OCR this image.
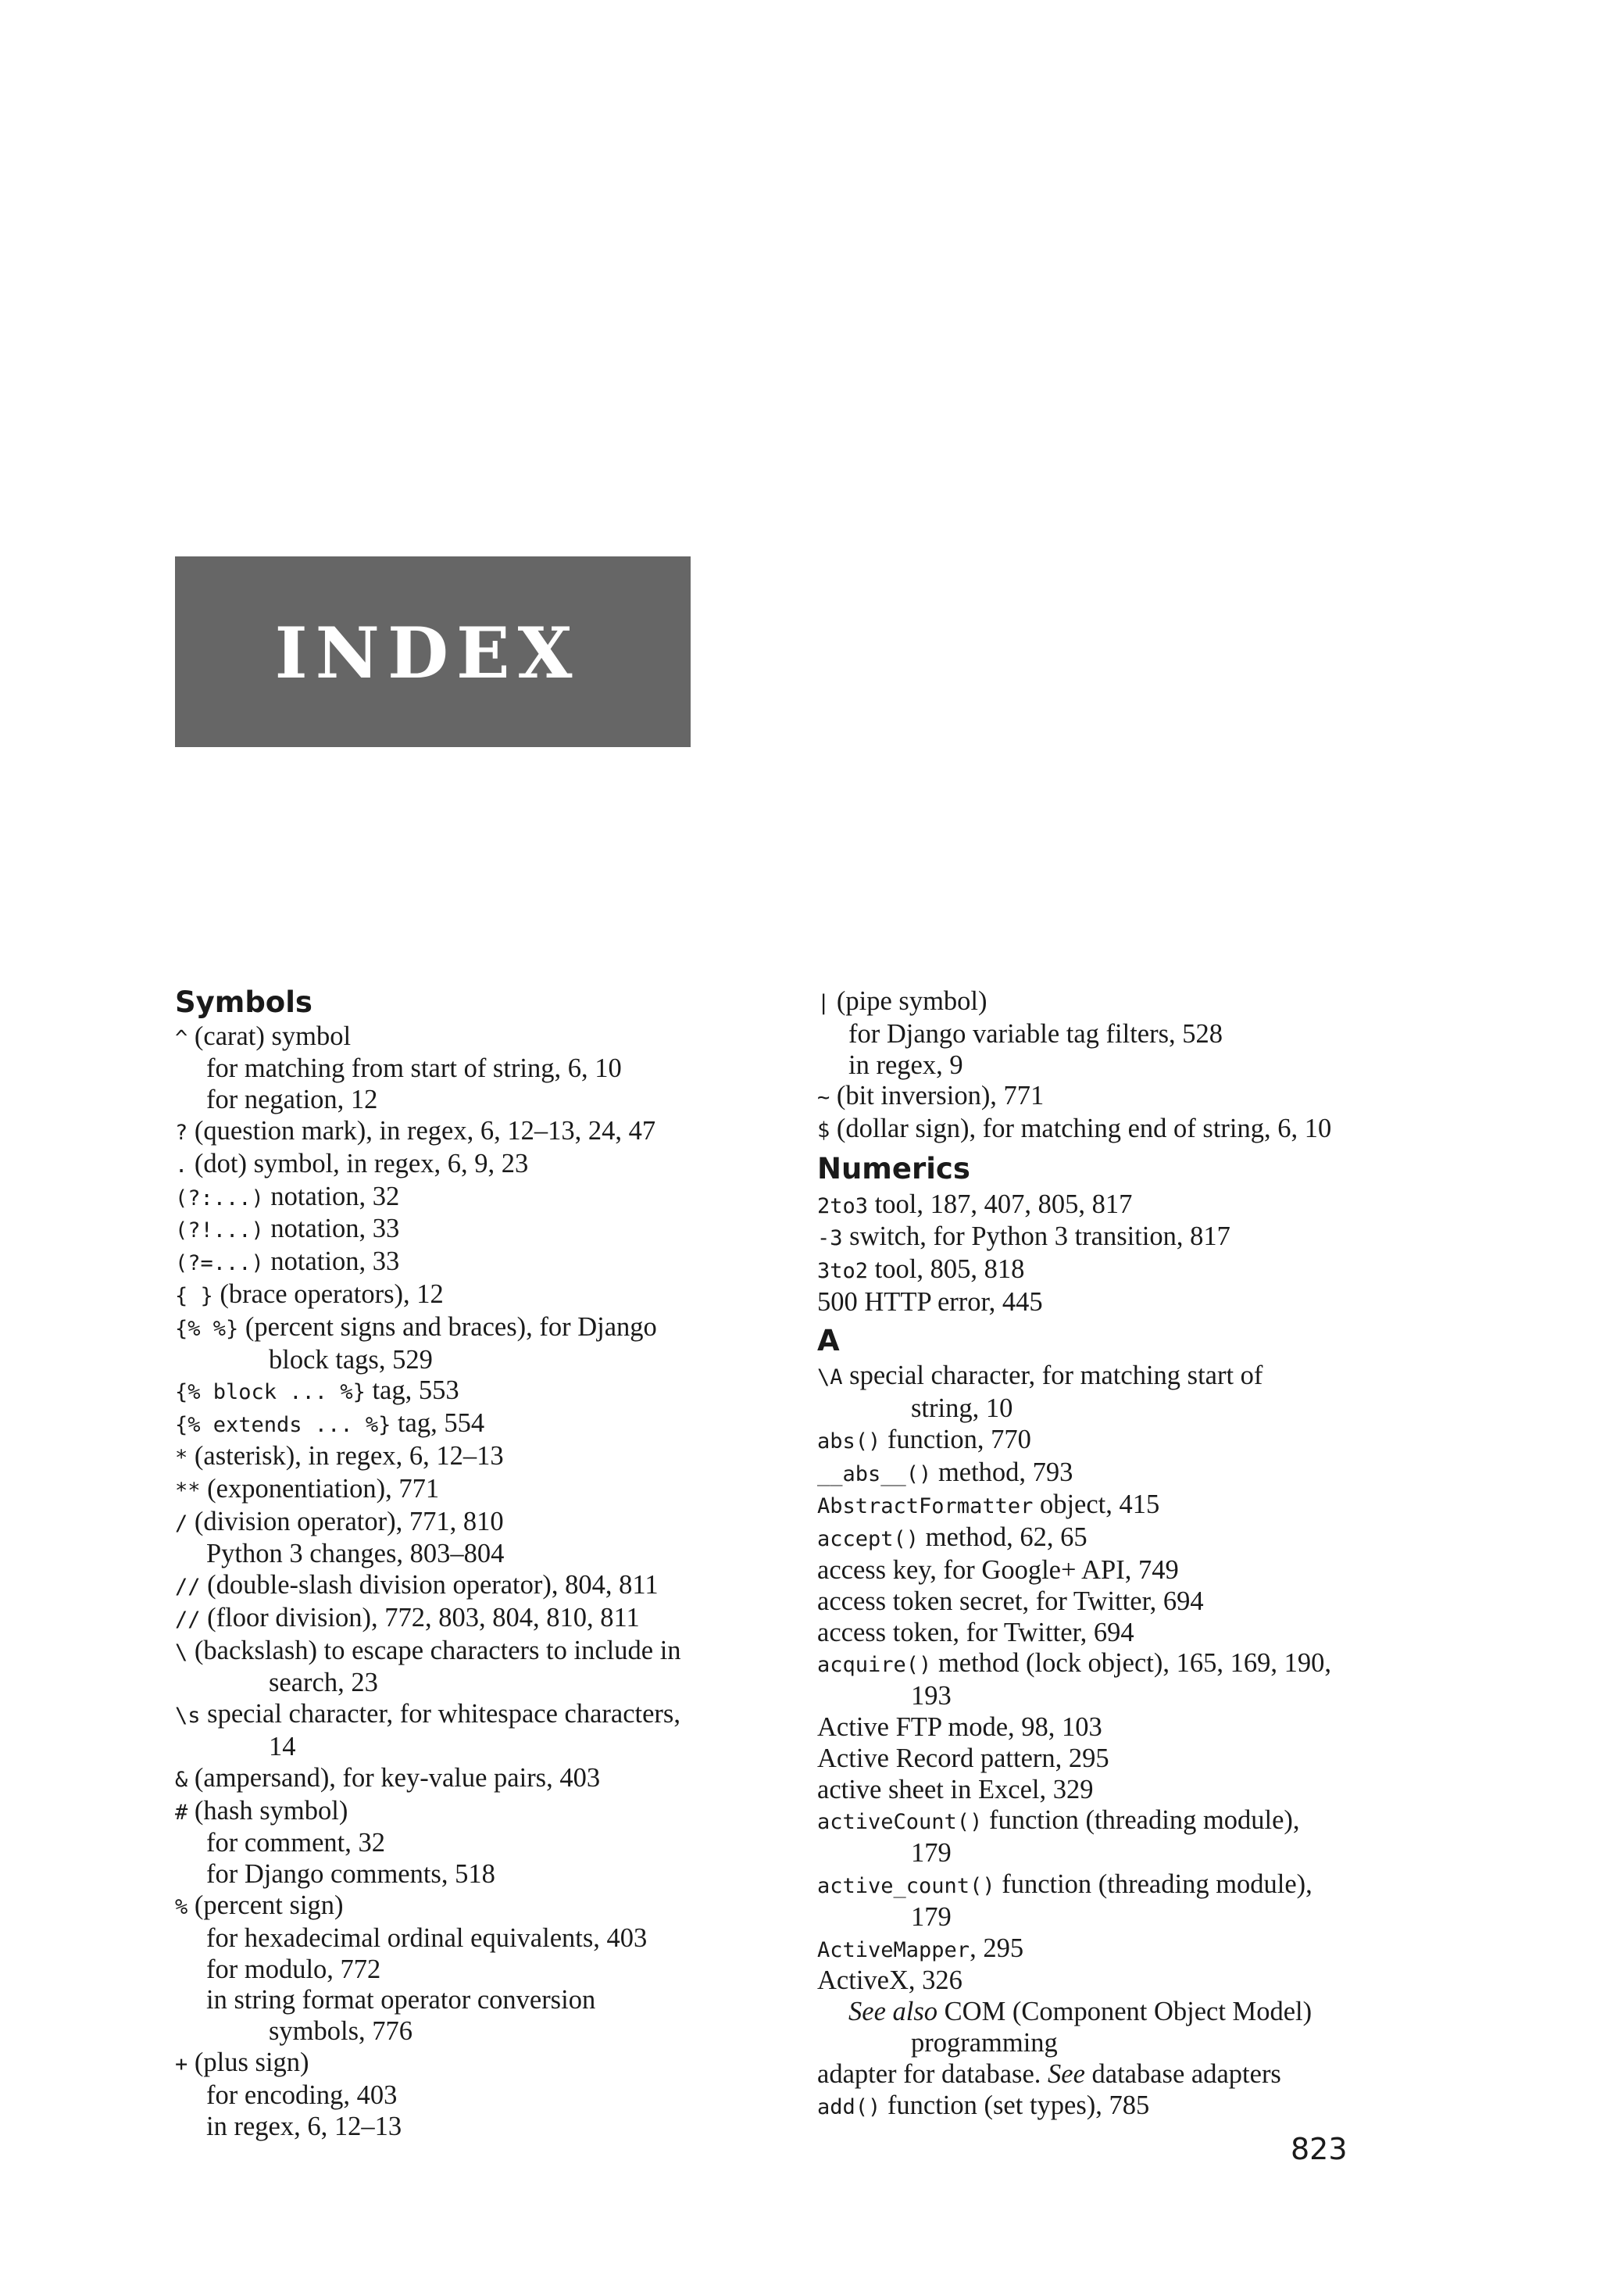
INDEX
Symbols
^ (carat) symbol
for matching from start of string, 6, 10
for negation, 12
? (question mark), in regex, 6, 12–13, 24, 47
. (dot) symbol, in regex, 6, 9, 23
(?:...) notation, 32
(?!...) notation, 33
(?=...) notation, 33
{ } (brace operators), 12
{% %} (percent signs and braces), for Django
block tags, 529
{% block ... %} tag, 553
{% extends ... %} tag, 554
* (asterisk), in regex, 6, 12–13
** (exponentiation), 771
/ (division operator), 771, 810
Python 3 changes, 803–804
// (double-slash division operator), 804, 811
// (floor division), 772, 803, 804, 810, 811
\ (backslash) to escape characters to include in
search, 23
\s special character, for whitespace characters,
14
& (ampersand), for key-value pairs, 403
# (hash symbol)
for comment, 32
for Django comments, 518
% (percent sign)
for hexadecimal ordinal equivalents, 403
for modulo, 772
in string format operator conversion
symbols, 776
+ (plus sign)
for encoding, 403
in regex, 6, 12–13
| (pipe symbol)
for Django variable tag filters, 528
in regex, 9
~ (bit inversion), 771
$ (dollar sign), for matching end of string, 6, 10
Numerics
2to3 tool, 187, 407, 805, 817
-3 switch, for Python 3 transition, 817
3to2 tool, 805, 818
500 HTTP error, 445
A
\A special character, for matching start of
string, 10
abs() function, 770
__abs__() method, 793
AbstractFormatter object, 415
accept() method, 62, 65
access key, for Google+ API, 749
access token secret, for Twitter, 694
access token, for Twitter, 694
acquire() method (lock object), 165, 169, 190,
193
Active FTP mode, 98, 103
Active Record pattern, 295
active sheet in Excel, 329
activeCount() function (threading module),
179
active_count() function (threading module),
179
ActiveMapper, 295
ActiveX, 326
See also COM (Component Object Model)
programming
adapter for database. See database adapters
add() function (set types), 785
823
